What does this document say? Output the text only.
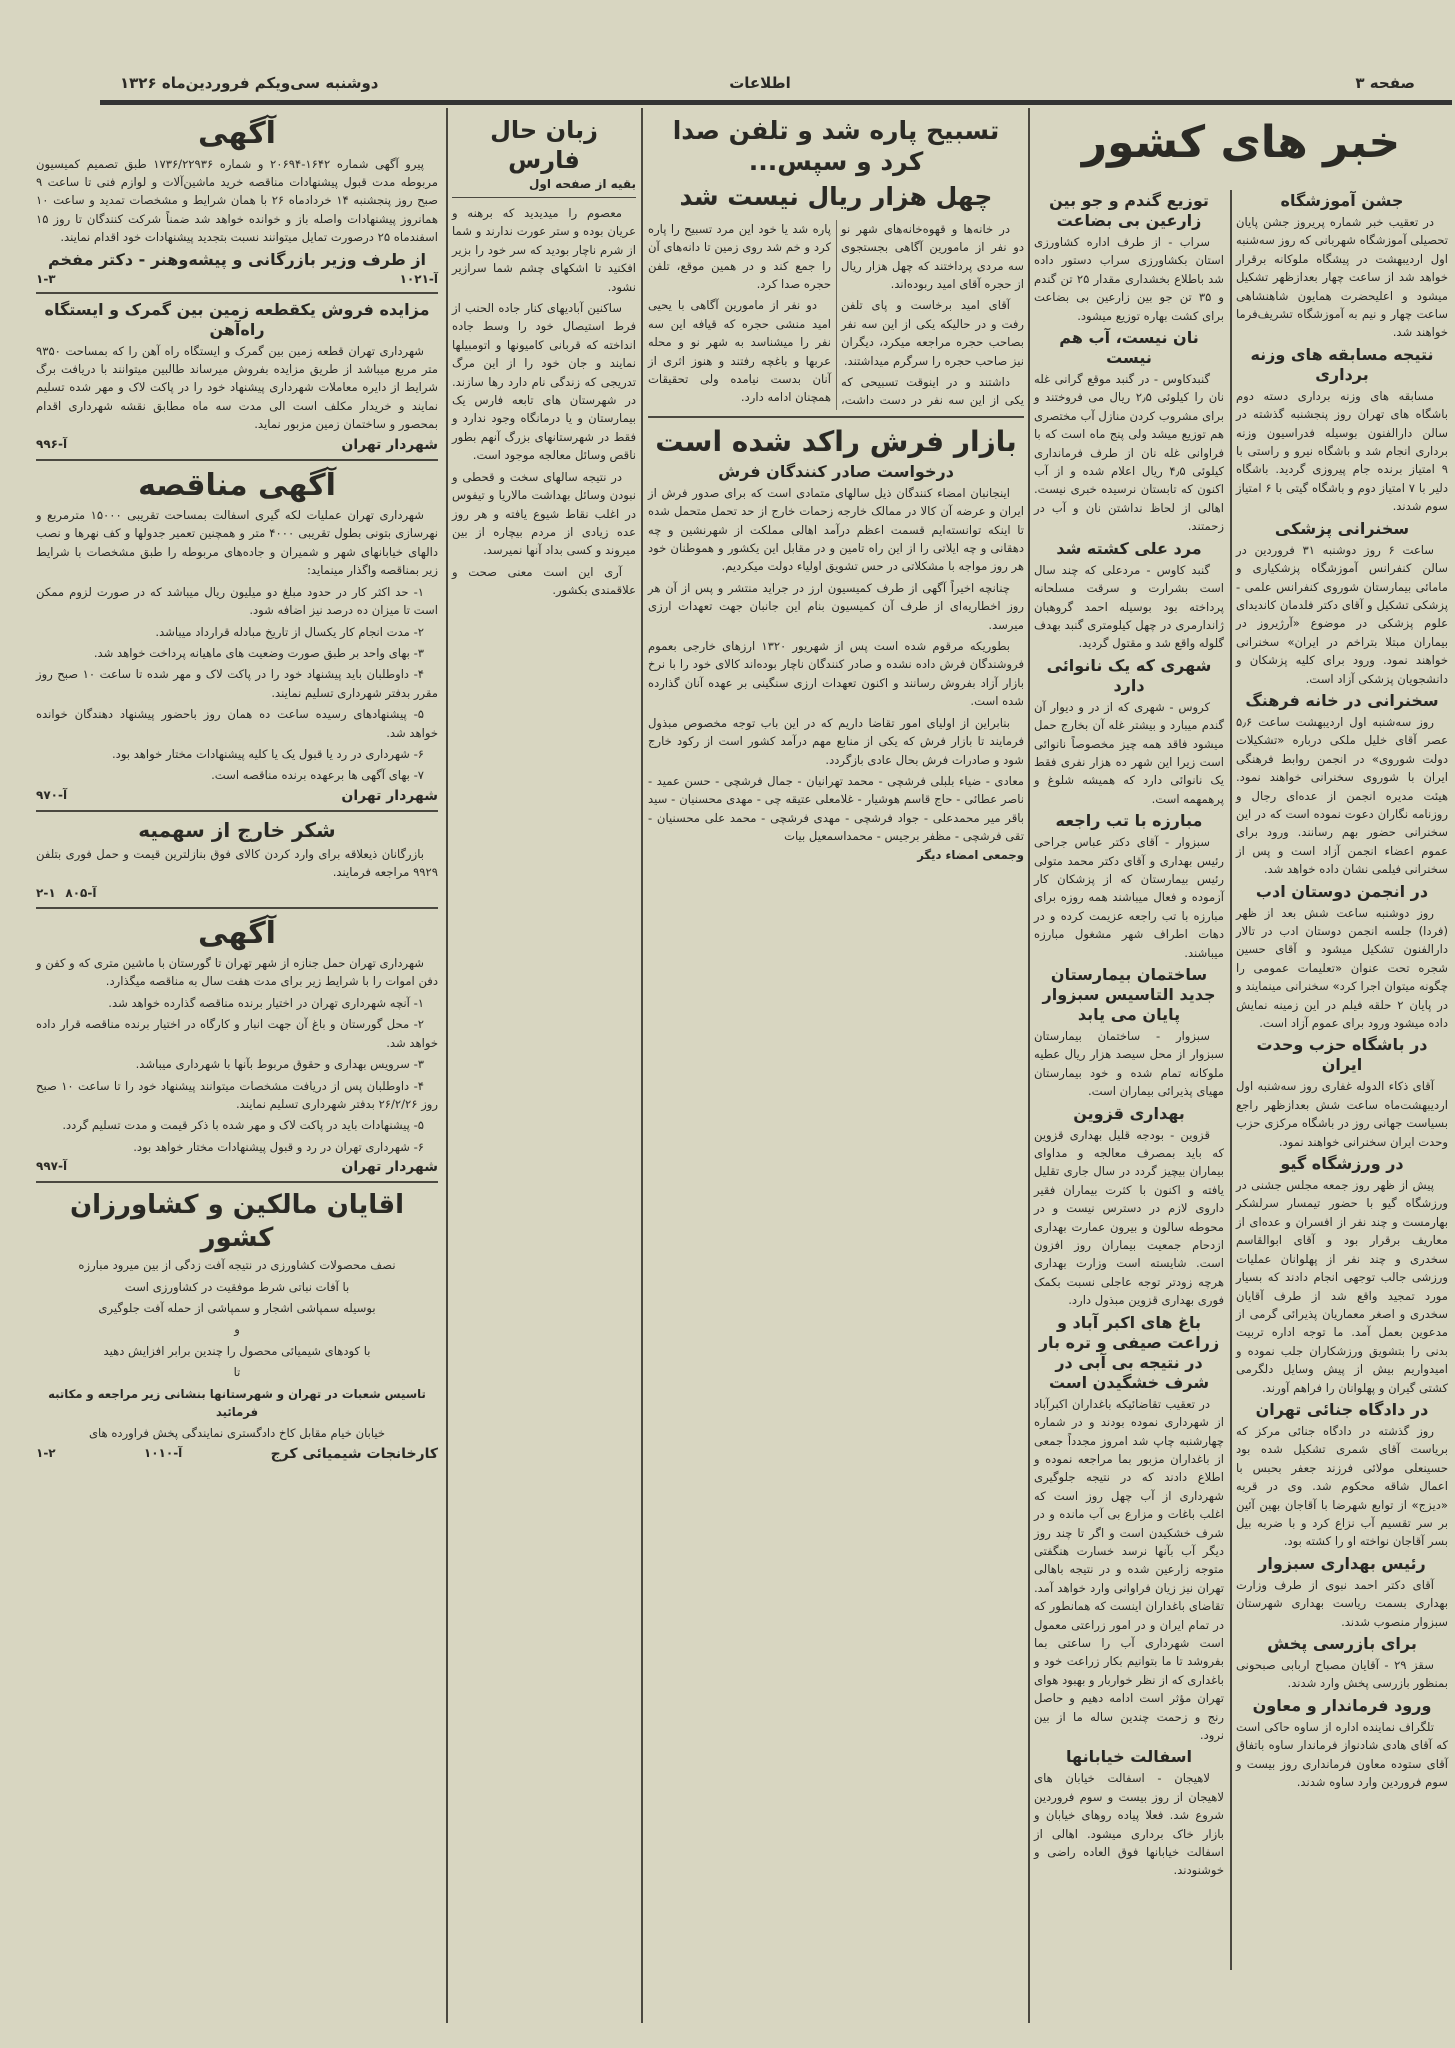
صفحه ۳
اطلاعات
دوشنبه سی‌ویکم فروردین‌ماه ۱۳۲۶
آگهی

پیرو آگهی شماره ۱۶۴۲-۲۰۶۹۴ و شماره ۱۷۳۶/۲۲۹۳۶ طبق تصمیم کمیسیون مربوطه مدت قبول پیشنهادات مناقصه خرید ماشین‌آلات و لوازم فنی تا ساعت ۹ صبح روز پنجشنبه ۱۴ خردادماه ۲۶ با همان شرایط و مشخصات تمدید و ساعت ۱۰ همانروز پیشنهادات واصله باز و خوانده خواهد شد ضمناً شرکت کنندگان تا روز ۱۵ اسفندماه ۲۵ درصورت تمایل میتوانند نسبت بتجدید پیشنهادات خود اقدام نمایند.

از طرف وزیر بازرگانی و پیشه‌وهنر - دکتر مفخم
آ-۱۰۲۱
۱-۳
مزایده فروش یکقطعه زمین بین گمرک و ایستگاه راه‌آهن

شهرداری تهران قطعه زمین بین گمرک و ایستگاه راه آهن را که بمساحت ۹۳۵۰ متر مربع میباشد از طریق مزایده بفروش میرساند طالبین میتوانند با دریافت برگ شرایط از دایره معاملات شهرداری پیشنهاد خود را در پاکت لاک و مهر شده تسلیم نمایند و خریدار مکلف است الی مدت سه ماه مطابق نقشه شهرداری اقدام بمحصور و ساختمان زمین مزبور نماید.

شهردار تهران
آ-۹۹۶
آگهی مناقصه

شهرداری تهران عملیات لکه گیری اسفالت بمساحت تقریبی ۱۵۰۰۰ مترمربع و نهرسازی بتونی بطول تقریبی ۴۰۰۰ متر و همچنین تعمیر جدولها و کف نهرها و نصب دالهای خیابانهای شهر و شمیران و جاده‌های مربوطه را طبق مشخصات با شرایط زیر بمناقصه واگذار مینماید:

۱- حد اکثر کار در حدود مبلغ دو میلیون ریال میباشد که در صورت لزوم ممکن است تا میزان ده درصد نیز اضافه شود.

۲- مدت انجام کار یکسال از تاریخ مبادله قرارداد میباشد.

۳- بهای واحد بر طبق صورت وضعیت های ماهیانه پرداخت خواهد شد.

۴- داوطلبان باید پیشنهاد خود را در پاکت لاک و مهر شده تا ساعت ۱۰ صبح روز مقرر بدفتر شهرداری تسلیم نمایند.

۵- پیشنهادهای رسیده ساعت ده همان روز باحضور پیشنهاد دهندگان خوانده خواهد شد.

۶- شهرداری در رد یا قبول یک یا کلیه پیشنهادات مختار خواهد بود.

۷- بهای آگهی ها برعهده برنده مناقصه است.

شهردار تهران
آ-۹۷۰
شکر خارج از سهمیه

بازرگانان ذیعلاقه برای وارد کردن کالای فوق بنازلترین قیمت و حمل فوری بتلفن ۹۹۲۹ مراجعه فرمایند.

آ-۸۰۵  ۱-۲
آگهی

شهرداری تهران حمل جنازه از شهر تهران تا گورستان با ماشین متری که و کفن و دفن اموات را با شرایط زیر برای مدت هفت سال به مناقصه میگذارد.

۱- آنچه شهرداری تهران در اختیار برنده مناقصه گذارده خواهد شد.

۲- محل گورستان و باغ آن جهت انبار و کارگاه در اختیار برنده مناقصه قرار داده خواهد شد.

۳- سرویس بهداری و حقوق مربوط بآنها با شهرداری میباشد.

۴- داوطلبان پس از دریافت مشخصات میتوانند پیشنهاد خود را تا ساعت ۱۰ صبح روز ۲۶/۲/۲۶ بدفتر شهرداری تسلیم نمایند.

۵- پیشنهادات باید در پاکت لاک و مهر شده با ذکر قیمت و مدت تسلیم گردد.

۶- شهرداری تهران در رد و قبول پیشنهادات مختار خواهد بود.

شهردار تهران
آ-۹۹۷
اقایان مالکین و کشاورزان کشور

نصف محصولات کشاورزی در نتیجه آفت زدگی از بین میرود مبارزه

با آفات نباتی شرط موفقیت در کشاورزی است

بوسیله سمپاشی اشجار و سمپاشی از حمله آفت جلوگیری

و

با کودهای شیمیائی محصول را چندین برابر افزایش دهید

تا

تاسیس شعبات در تهران و شهرستانها بنشانی زیر مراجعه و مکاتبه فرمائید

خیابان خیام مقابل کاخ دادگستری نمایندگی پخش فراورده های

کارخانجات شیمیائی کرج
آ-۱۰۱۰
۱-۲
زبان حال فارس
بقیه از صفحه اول

معصوم را میدیدید که برهنه و عریان بوده و ستر عورت ندارند و شما از شرم ناچار بودید که سر خود را بزیر افکنید تا اشکهای چشم شما سرازیر نشود.

ساکنین آبادیهای کنار جاده الحنب از فرط استیصال خود را وسط جاده انداخته که قربانی کامیونها و اتومبیلها نمایند و جان خود را از این مرگ تدریجی که زندگی نام دارد رها سازند. در شهرستان های تابعه فارس یک بیمارستان و یا درمانگاه وجود ندارد و فقط در شهرستانهای بزرگ آنهم بطور ناقص وسائل معالجه موجود است.

در نتیجه سالهای سخت و قحطی و نبودن وسائل بهداشت مالاریا و تیفوس در اغلب نقاط شیوع یافته و هر روز عده زیادی از مردم بیچاره از بین میروند و کسی بداد آنها نمیرسد.

آری این است معنی صحت و علاقمندی بکشور.

تسبیح پاره شد و تلفن صدا کرد و سپس...
چهل هزار ریال نیست شد

در خانه‌ها و قهوه‌خانه‌های شهر نو دو نفر از مامورین آگاهی بجستجوی سه مردی پرداختند که چهل هزار ریال از حجره آقای امید ربوده‌اند.

آقای امید برخاست و پای تلفن رفت و در حالیکه یکی از این سه نفر بصاحب حجره مراجعه میکرد، دیگران نیز صاحب حجره را سرگرم میداشتند.

داشتند و در اینوقت تسبیحی که یکی از این سه نفر در دست داشت، پاره شد یا خود این مرد تسبیح را پاره کرد و خم شد روی زمین تا دانه‌های آن را جمع کند و در همین موقع، تلفن حجره صدا کرد.

دو نفر از مامورین آگاهی با یحیی امید منشی حجره که قیافه این سه نفر را میشناسد به شهر نو و محله عربها و باغچه رفتند و هنوز اثری از آنان بدست نیامده ولی تحقیقات همچنان ادامه دارد.

بازار فرش راکد شده است
درخواست صادر کنندگان فرش

اینجانبان امضاء کنندگان ذیل سالهای متمادی است که برای صدور فرش از ایران و عرضه آن کالا در ممالک خارجه زحمات خارج از حد تحمل متحمل شده تا اینکه توانسته‌ایم قسمت اعظم درآمد اهالی مملکت از شهرنشین و چه دهقانی و چه ایلاتی را از این راه تامین و در مقابل این یکشور و هموطنان خود هر روز مواجه با مشکلاتی در حس تشویق اولیاء دولت میکردیم.

چنانچه اخیراً آگهی از طرف کمیسیون ارز در جراید منتشر و پس از آن هر روز اخطاریه‌ای از طرف آن کمیسیون بنام این جانبان جهت تعهدات ارزی میرسد.

بطوریکه مرقوم شده است پس از شهریور ۱۳۲۰ ارزهای خارجی بعموم فروشندگان فرش داده نشده و صادر کنندگان ناچار بوده‌اند کالای خود را با نرخ بازار آزاد بفروش رسانند و اکنون تعهدات ارزی سنگینی بر عهده آنان گذارده شده است.

بنابراین از اولیای امور تقاضا داریم که در این باب توجه مخصوص مبذول فرمایند تا بازار فرش که یکی از منابع مهم درآمد کشور است از رکود خارج شود و صادرات فرش بحال عادی بازگردد.

معادی - ضیاء بلبلی فرشچی - محمد تهرانیان - جمال فرشچی - حسن عمید - ناصر عطائی - حاج قاسم هوشیار - غلامعلی عتیقه چی - مهدی محسنیان - سید باقر میر محمدعلی - جواد فرشچی - مهدی فرشچی - محمد علی محسنیان - تقی فرشچی - مظفر برجیس - محمداسمعیل بیات
وجمعی امضاء دیگر
خبر های کشور
توزیع گندم و جو بین زارعین بی بضاعت

سراب - از طرف اداره کشاورزی استان بکشاورزی سراب دستور داده شد باطلاع بخشداری مقدار ۲۵ تن گندم و ۳۵ تن جو بین زارعین بی بضاعت برای کشت بهاره توزیع میشود.

نان نیست، آب هم نیست

گنبدکاوس - در گنبد موقع گرانی غله نان را کیلوئی ۲٫۵ ریال می فروختند و برای مشروب کردن منازل آب مختصری هم توزیع میشد ولی پنج ماه است که با فراوانی غله نان از طرف فرمانداری کیلوئی ۴٫۵ ریال اعلام شده و از آب اکنون که تابستان نرسیده خبری نیست. اهالی از لحاظ نداشتن نان و آب در زحمتند.

مرد علی کشته شد

گنبد کاوس - مردعلی که چند سال است بشرارت و سرقت مسلحانه پرداخته بود بوسیله احمد گروهبان ژاندارمری در چهل کیلومتری گنبد بهدف گلوله واقع شد و مقتول گردید.

شهری که یک نانوائی دارد

کروس - شهری که از در و دیوار آن گندم میبارد و بیشتر غله آن بخارج حمل میشود فاقد همه چیز مخصوصاً نانوائی است زیرا این شهر ده هزار نفری فقط یک نانوائی دارد که همیشه شلوغ و پرهمهمه است.

مبارزه با تب راجعه

سبزوار - آقای دکتر عباس جراحی رئیس بهداری و آقای دکتر محمد متولی رئیس بیمارستان که از پزشکان کار آزموده و فعال میباشند همه روزه برای مبارزه با تب راجعه عزیمت کرده و در دهات اطراف شهر مشغول مبارزه میباشند.

ساختمان بیمارستان جدید التاسیس سبزوار پایان می یابد

سبزوار - ساختمان بیمارستان سبزوار از محل سیصد هزار ریال عطیه ملوکانه تمام شده و خود بیمارستان مهیای پذیرائی بیماران است.

بهداری قزوین

قزوین - بودجه قلیل بهداری قزوین که باید بمصرف معالجه و مداوای بیماران بیچیز گردد در سال جاری تقلیل یافته و اکنون با کثرت بیماران فقیر داروی لازم در دسترس نیست و در محوطه سالون و بیرون عمارت بهداری ازدحام جمعیت بیماران روز افزون است. شایسته است وزارت بهداری هرچه زودتر توجه عاجلی نسبت بکمک فوری بهداری قزوین مبذول دارد.

باغ های اکبر آباد و زراعت صیفی و تره بار در نتیجه بی آبی در شرف خشگیدن است

در تعقیب تقاضائیکه باغداران اکبرآباد از شهرداری نموده بودند و در شماره چهارشنبه چاپ شد امروز مجدداً جمعی از باغداران مزبور بما مراجعه نموده و اطلاع دادند که در نتیجه جلوگیری شهرداری از آب چهل روز است که اغلب باغات و مزارع بی آب مانده و در شرف خشکیدن است و اگر تا چند روز دیگر آب بآنها نرسد خسارت هنگفتی متوجه زارعین شده و در نتیجه باهالی تهران نیز زیان فراوانی وارد خواهد آمد. تقاضای باغداران اینست که همانطور که در تمام ایران و در امور زراعتی معمول است شهرداری آب را ساعتی بما بفروشد تا ما بتوانیم بکار زراعت خود و باغداری که از نظر خواربار و بهبود هوای تهران مؤثر است ادامه دهیم و حاصل رنج و زحمت چندین ساله ما از بین نرود.

اسفالت خیابانها

لاهیجان - اسفالت خیابان های لاهیجان از روز بیست و سوم فروردین شروع شد. فعلا پیاده روهای خیابان و بازار خاک برداری میشود. اهالی از اسفالت خیابانها فوق العاده راضی و خوشنودند.

جشن آموزشگاه

در تعقیب خبر شماره پریروز جشن پایان تحصیلی آموزشگاه شهربانی که روز سه‌شنبه اول اردیبهشت در پیشگاه ملوکانه برقرار خواهد شد از ساعت چهار بعدازظهر تشکیل میشود و اعلیحضرت همایون شاهنشاهی ساعت چهار و نیم به آموزشگاه تشریف‌فرما خواهند شد.

نتیجه مسابقه های وزنه برداری

مسابقه های وزنه برداری دسته دوم باشگاه های تهران روز پنجشنبه گذشته در سالن دارالفنون بوسیله فدراسیون وزنه برداری انجام شد و باشگاه نیرو و راستی با ۹ امتیاز برنده جام پیروزی گردید. باشگاه دلیر با ۷ امتیاز دوم و باشگاه گیتی با ۶ امتیاز سوم شدند.

سخنرانی پزشکی

ساعت ۶ روز دوشنبه ۳۱ فروردین در سالن کنفرانس آموزشگاه پزشکیاری و مامائی بیمارستان شوروی کنفرانس علمی - پزشکی تشکیل و آقای دکتر فلدمان کاندیدای علوم پزشکی در موضوع «آرژیروز در بیماران مبتلا بتراخم در ایران» سخنرانی خواهند نمود. ورود برای کلیه پزشکان و دانشجویان پزشکی آزاد است.

سخنرانی در خانه فرهنگ

روز سه‌شنبه اول اردیبهشت ساعت ۵٫۶ عصر آقای خلیل ملکی درباره «تشکیلات دولت شوروی» در انجمن روابط فرهنگی ایران با شوروی سخنرانی خواهند نمود. هیئت مدیره انجمن از عده‌ای رجال و روزنامه نگاران دعوت نموده است که در این سخنرانی حضور بهم رسانند. ورود برای عموم اعضاء انجمن آزاد است و پس از سخنرانی فیلمی نشان داده خواهد شد.

در انجمن دوستان ادب

روز دوشنبه ساعت شش بعد از ظهر (فردا) جلسه انجمن دوستان ادب در تالار دارالفنون تشکیل میشود و آقای حسین شجره تحت عنوان «تعلیمات عمومی را چگونه میتوان اجرا کرد» سخنرانی مینمایند و در پایان ۲ حلقه فیلم در این زمینه نمایش داده میشود ورود برای عموم آزاد است.

در باشگاه حزب وحدت ایران

آقای ذکاء الدوله غفاری روز سه‌شنبه اول اردیبهشت‌ماه ساعت شش بعدازظهر راجع بسیاست جهانی روز در باشگاه مرکزی حزب وحدت ایران سخنرانی خواهند نمود.

در ورزشگاه گیو

پیش از ظهر روز جمعه مجلس جشنی در ورزشگاه گیو با حضور تیمسار سرلشکر بهارمست و چند نفر از افسران و عده‌ای از معاریف برقرار بود و آقای ابوالقاسم سخدری و چند نفر از پهلوانان عملیات ورزشی جالب توجهی انجام دادند که بسیار مورد تمجید واقع شد از طرف آقایان سخدری و اصغر معماریان پذیرائی گرمی از مدعوین بعمل آمد. ما توجه اداره تربیت بدنی را بتشویق ورزشکاران جلب نموده و امیدواریم بیش از پیش وسایل دلگرمی کشتی گیران و پهلوانان را فراهم آورند.

در دادگاه جنائی تهران

روز گذشته در دادگاه جنائی مرکز که بریاست آقای شمری تشکیل شده بود حسینعلی مولائی فرزند جعفر بحبس با اعمال شاقه محکوم شد. وی در قریه «دیزج» از توابع شهرضا با آقاجان بهین آئین بر سر تقسیم آب نزاع کرد و با ضربه بیل بسر آقاجان نواخته او را کشته بود.

رئیس بهداری سبزوار

آقای دکتر احمد نبوی از طرف وزارت بهداری بسمت ریاست بهداری شهرستان سبزوار منصوب شدند.

برای بازرسی پخش

سقز ۲۹ - آقایان مصباح اربابی صبحونی بمنظور بازرسی پخش وارد شدند.

ورود فرماندار و معاون

تلگراف نماینده اداره از ساوه حاکی است که آقای هادی شادنواز فرماندار ساوه باتفاق آقای ستوده معاون فرمانداری روز بیست و سوم فروردین وارد ساوه شدند.
